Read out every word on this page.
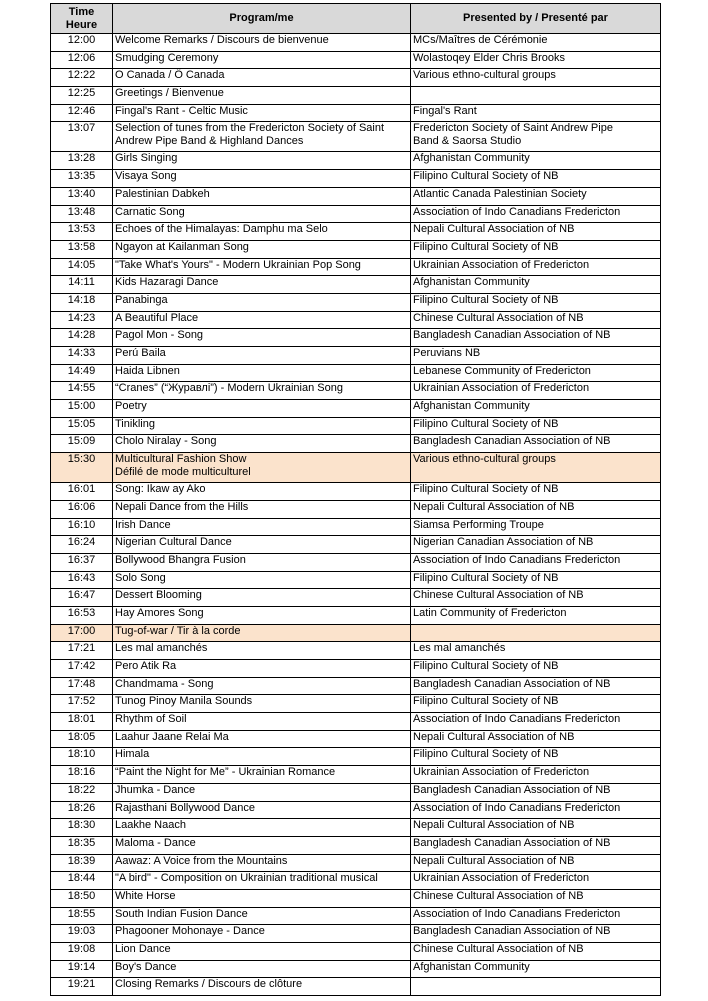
Time
Heure	Program/me	Presented by / Presenté par
12:00	Welcome Remarks / Discours de bienvenue	MCs/Maîtres de Cérémonie

12:06	Smudging Ceremony	Wolastoqey Elder Chris Brooks

12:22	O Canada / Ô Canada	Various ethno-cultural groups

12:25	Greetings / Bienvenue	

12:46	Fingal's Rant - Celtic Music	Fingal's Rant

13:07	Selection of tunes from the Fredericton Society of Saint
Andrew Pipe Band & Highland Dances	Fredericton Society of Saint Andrew Pipe
Band & Saorsa Studio

13:28	Girls Singing	Afghanistan Community

13:35	Visaya Song	Filipino Cultural Society of NB

13:40	Palestinian Dabkeh	Atlantic Canada Palestinian Society

13:48	Carnatic Song	Association of Indo Canadians Fredericton

13:53	Echoes of the Himalayas: Damphu ma Selo	Nepali Cultural Association of NB

13:58	Ngayon at Kailanman Song	Filipino Cultural Society of NB

14:05	"Take What's Yours" - Modern Ukrainian Pop Song	Ukrainian Association of Fredericton

14:11	Kids Hazaragi Dance	Afghanistan Community

14:18	Panabinga	Filipino Cultural Society of NB

14:23	A Beautiful Place	Chinese Cultural Association of NB

14:28	Pagol Mon - Song	Bangladesh Canadian Association of NB

14:33	Perú Baila	Peruvians NB

14:49	Haida Libnen	Lebanese Community of Fredericton

14:55	“Cranes” (“Журавлі”) - Modern Ukrainian Song	Ukrainian Association of Fredericton

15:00	Poetry	Afghanistan Community

15:05	Tinikling	Filipino Cultural Society of NB

15:09	Cholo Niralay - Song	Bangladesh Canadian Association of NB

15:30	Multicultural Fashion Show
Défilé de mode multiculturel	Various ethno-cultural groups

16:01	Song: Ikaw ay Ako	Filipino Cultural Society of NB

16:06	Nepali Dance from the Hills	Nepali Cultural Association of NB

16:10	Irish Dance	Siamsa Performing Troupe

16:24	Nigerian Cultural Dance	Nigerian Canadian Association of NB

16:37	Bollywood Bhangra Fusion	Association of Indo Canadians Fredericton

16:43	Solo Song	Filipino Cultural Society of NB

16:47	Dessert Blooming	Chinese Cultural Association of NB

16:53	Hay Amores Song	Latin Community of Fredericton

17:00	Tug-of-war / Tir à la corde	

17:21	Les mal amanchés	Les mal amanchés

17:42	Pero Atik Ra	Filipino Cultural Society of NB

17:48	Chandmama - Song	Bangladesh Canadian Association of NB

17:52	Tunog Pinoy Manila Sounds	Filipino Cultural Society of NB

18:01	Rhythm of Soil	Association of Indo Canadians Fredericton

18:05	Laahur Jaane Relai Ma	Nepali Cultural Association of NB

18:10	Himala	Filipino Cultural Society of NB

18:16	“Paint the Night for Me” - Ukrainian Romance	Ukrainian Association of Fredericton

18:22	Jhumka - Dance	Bangladesh Canadian Association of NB

18:26	Rajasthani Bollywood Dance	Association of Indo Canadians Fredericton

18:30	Laakhe Naach	Nepali Cultural Association of NB

18:35	Maloma - Dance	Bangladesh Canadian Association of NB

18:39	Aawaz: A Voice from the Mountains	Nepali Cultural Association of NB

18:44	"A bird" - Composition on Ukrainian traditional musical	Ukrainian Association of Fredericton

18:50	White Horse	Chinese Cultural Association of NB

18:55	South Indian Fusion Dance	Association of Indo Canadians Fredericton

19:03	Phagooner Mohonaye - Dance	Bangladesh Canadian Association of NB

19:08	Lion Dance	Chinese Cultural Association of NB

19:14	Boy's Dance	Afghanistan Community

19:21	Closing Remarks / Discours de clôture	
